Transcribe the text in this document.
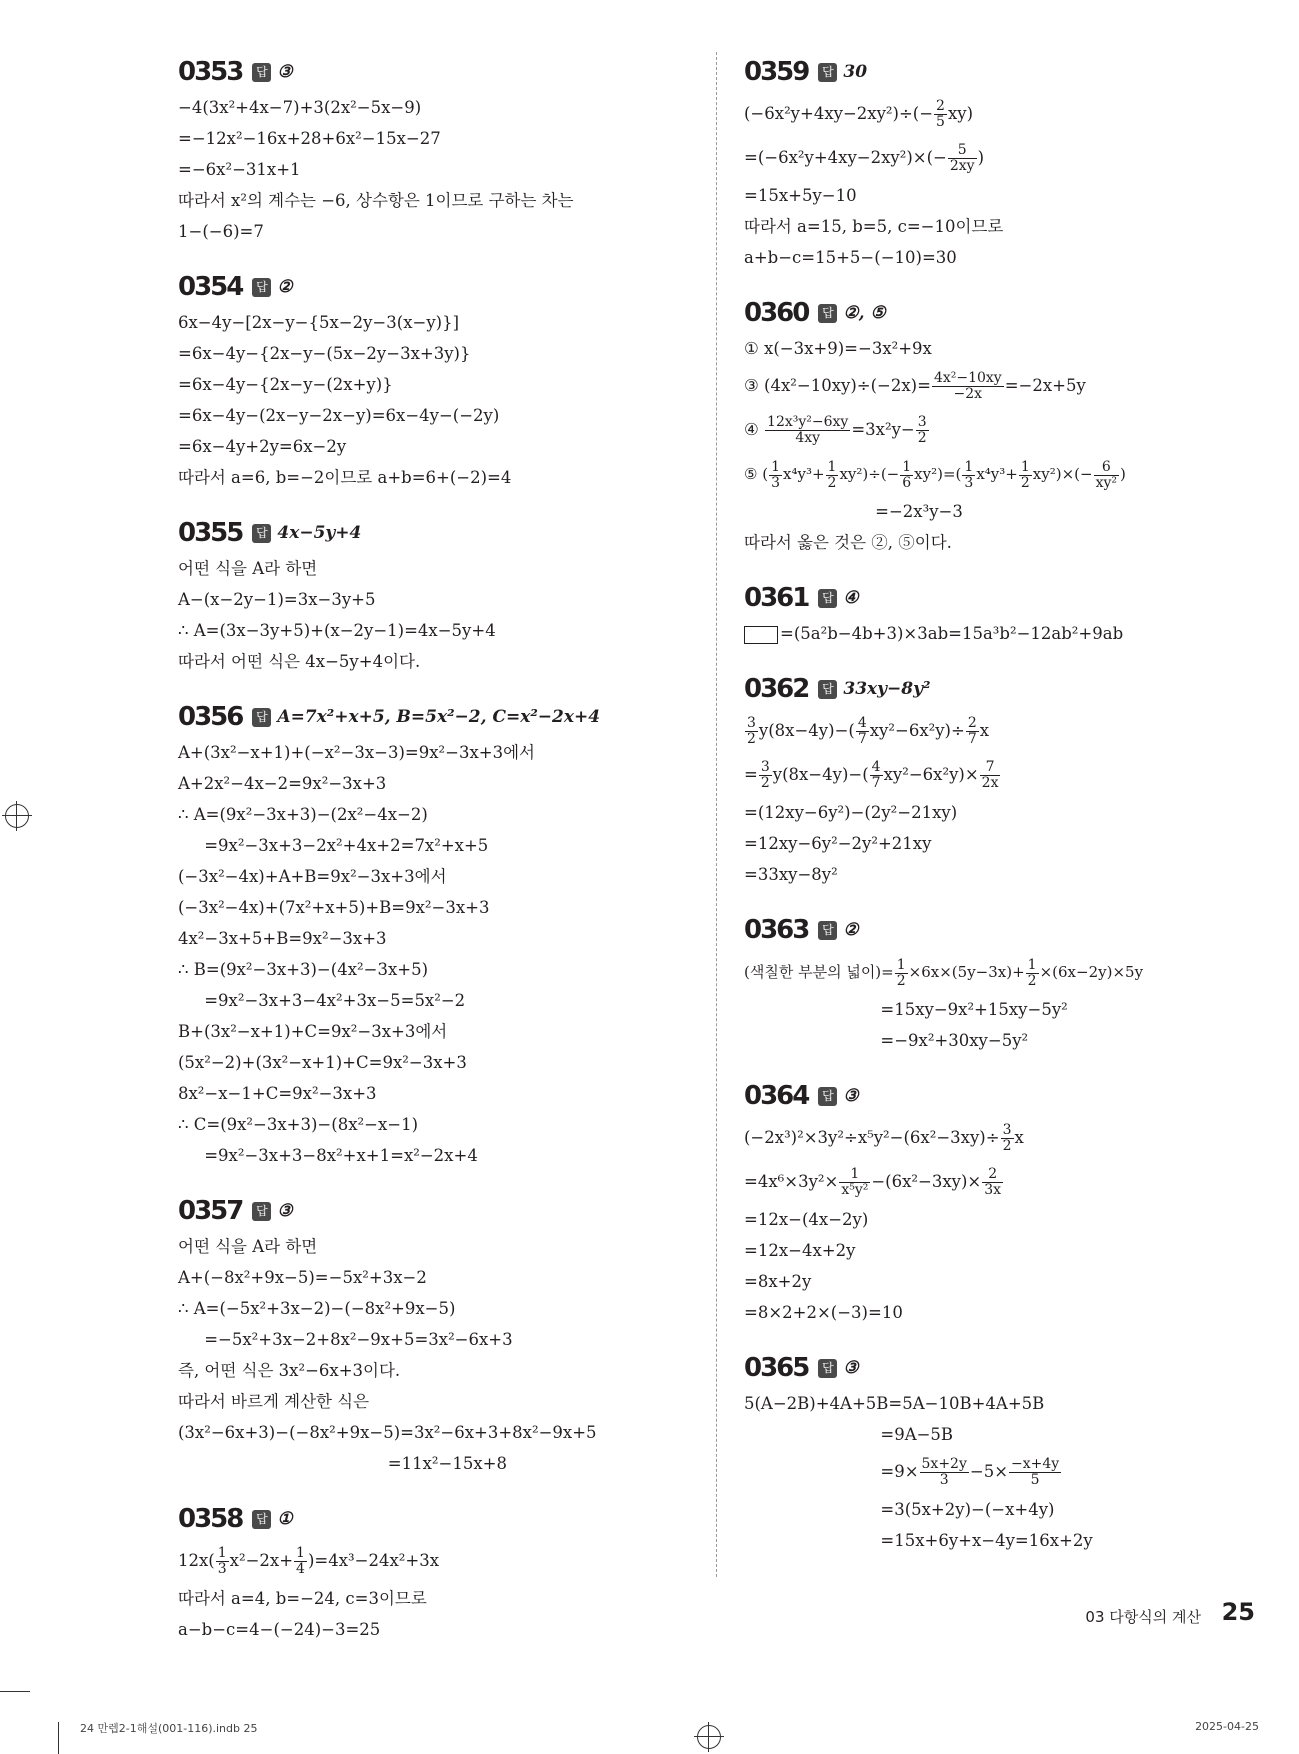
0353	답 ③
−4(3x²+4x−7)+3(2x²−5x−9)
=−12x²−16x+28+6x²−15x−27
=−6x²−31x+1
따라서 x²의 계수는 −6, 상수항은 1이므로 구하는 차는
1−(−6)=7
0354	답 ②
6x−4y−[2x−y−{5x−2y−3(x−y)}]
=6x−4y−{2x−y−(5x−2y−3x+3y)}
=6x−4y−{2x−y−(2x+y)}
=6x−4y−(2x−y−2x−y)=6x−4y−(−2y)
=6x−4y+2y=6x−2y
따라서 a=6, b=−2이므로 a+b=6+(−2)=4
0355	답 4x−5y+4
어떤 식을 A라 하면
A−(x−2y−1)=3x−3y+5
∴ A=(3x−3y+5)+(x−2y−1)=4x−5y+4
따라서 어떤 식은 4x−5y+4이다.
0356	답 A=7x²+x+5, B=5x²−2, C=x²−2x+4
A+(3x²−x+1)+(−x²−3x−3)=9x²−3x+3에서
A+2x²−4x−2=9x²−3x+3
∴ A=(9x²−3x+3)−(2x²−4x−2)
=9x²−3x+3−2x²+4x+2=7x²+x+5
(−3x²−4x)+A+B=9x²−3x+3에서
(−3x²−4x)+(7x²+x+5)+B=9x²−3x+3
4x²−3x+5+B=9x²−3x+3
∴ B=(9x²−3x+3)−(4x²−3x+5)
=9x²−3x+3−4x²+3x−5=5x²−2
B+(3x²−x+1)+C=9x²−3x+3에서
(5x²−2)+(3x²−x+1)+C=9x²−3x+3
8x²−x−1+C=9x²−3x+3
∴ C=(9x²−3x+3)−(8x²−x−1)
=9x²−3x+3−8x²+x+1=x²−2x+4
0357	답 ③
어떤 식을 A라 하면
A+(−8x²+9x−5)=−5x²+3x−2
∴ A=(−5x²+3x−2)−(−8x²+9x−5)
=−5x²+3x−2+8x²−9x+5=3x²−6x+3
즉, 어떤 식은 3x²−6x+3이다.
따라서 바르게 계산한 식은
(3x²−6x+3)−(−8x²+9x−5)=3x²−6x+3+8x²−9x+5
=11x²−15x+8
0358	답 ①
$12x( \frac{1}{3} x^2-2x+ \frac{1}{4} )=4x^3-24x^2+3x$
따라서 a=4, b=−24, c=3이므로
a−b−c=4−(−24)−3=25
0359	답 30
$(-6x^2y+4xy-2xy^2)\div(- \frac{2}{5} xy)$
$=(-6x^2y+4xy-2xy^2)\times(- \frac{5}{2xy}$ )
=15x+5y−10
따라서 a=15, b=5, c=−10이므로
a+b−c=15+5−(−10)=30
0360	답 ②, ⑤
① x(−3x+9)=−3x²+9x
③ $(4x^2-10xy)\div(-2x)= \frac{\text{4x²−10xy}}{-2x} =-2x+5y$
④ $\frac{\text{12x³y²−6xy}}{4xy} =3x^2y- \frac{3}{2}$
⑤ ( $\frac{1}{3} x^4y^3+ \frac{1}{2} xy^2)\div(- \frac{1}{6} xy^2)=( \frac{1}{3} x^4y^3+ \frac{1}{2} xy^2)\times(- \frac{6}{\text{xy²}}$ )
=−2x³y−3
따라서 옳은 것은 ②, ⑤이다.
0361	답 ④
=(5a²b−4b+3)×3ab=15a³b²−12ab²+9ab
0362	답 33xy−8y²
$\frac{3}{2} y(8x-4y)-( \frac{4}{7} xy^2-6x^2y)\div \frac{2}{7}$ x
= $\frac{3}{2} y(8x-4y)-( \frac{4}{7} xy^2-6x^2y)\times \frac{7}{2x}$
=(12xy−6y²)−(2y²−21xy)
=12xy−6y²−2y²+21xy
=33xy−8y²
0363	답 ②
(색칠한 부분의 넓이)= $\frac{1}{2} \times 6x\times(5y-3x)+ \frac{1}{2} \times(6x-2y)\times 5y$
=15xy−9x²+15xy−5y²
=−9x²+30xy−5y²
0364	답 ③
$(-2x^3)^2\times 3y^2\div x^5y^2-(6x^2-3xy)\div \frac{3}{2}$ x
$=4x^6\times 3y^2\times \frac{1}{\text{x⁵y²}} -(6x^2-3xy)\times \frac{2}{3x}$
=12x−(4x−2y)
=12x−4x+2y
=8x+2y
=8×2+2×(−3)=10
0365	답 ③
5(A−2B)+4A+5B=5A−10B+4A+5B
=9A−5B
$=9\times \frac{5x+2y}{3} -5\times \frac{-x+4y}{5}$
=3(5x+2y)−(−x+4y)
=15x+6y+x−4y=16x+2y
03 다항식의 계산 25
24 만렙2-1해설(001-116).indb 25	2025-04-25
